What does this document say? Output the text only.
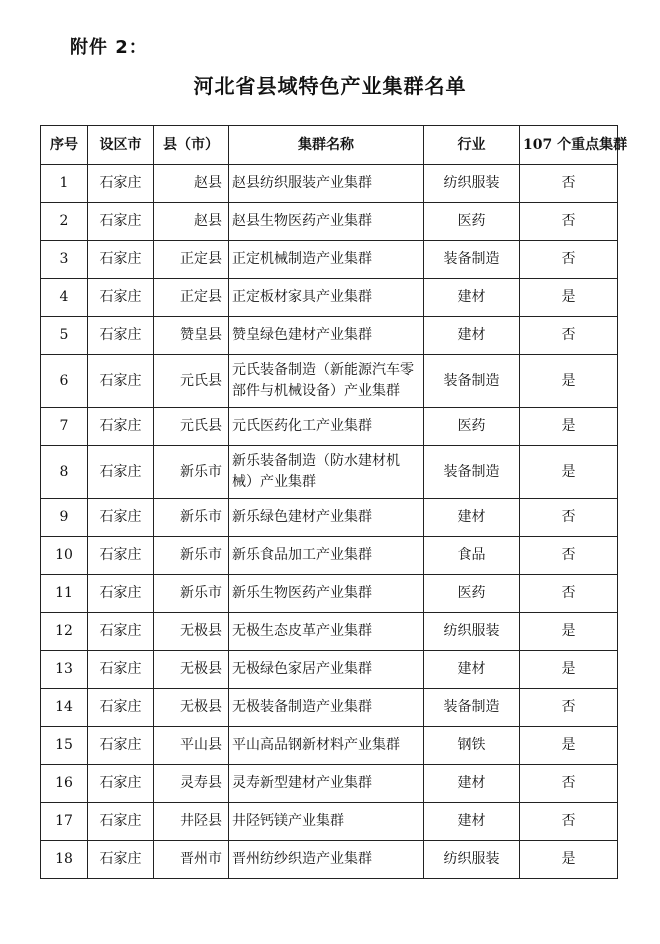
附件 2：
河北省县域特色产业集群名单
序号	设区市	县（市）	集群名称	行业	107 个重点集群
1	石家庄	赵县	赵县纺织服装产业集群	纺织服装	否
2	石家庄	赵县	赵县生物医药产业集群	医药	否
3	石家庄	正定县	正定机械制造产业集群	装备制造	否
4	石家庄	正定县	正定板材家具产业集群	建材	是
5	石家庄	赞皇县	赞皇绿色建材产业集群	建材	否
6	石家庄	元氏县	元氏装备制造（新能源汽车零部件与机械设备）产业集群	装备制造	是
7	石家庄	元氏县	元氏医药化工产业集群	医药	是
8	石家庄	新乐市	新乐装备制造（防水建材机械）产业集群	装备制造	是
9	石家庄	新乐市	新乐绿色建材产业集群	建材	否
10	石家庄	新乐市	新乐食品加工产业集群	食品	否
11	石家庄	新乐市	新乐生物医药产业集群	医药	否
12	石家庄	无极县	无极生态皮革产业集群	纺织服装	是
13	石家庄	无极县	无极绿色家居产业集群	建材	是
14	石家庄	无极县	无极装备制造产业集群	装备制造	否
15	石家庄	平山县	平山高品钢新材料产业集群	钢铁	是
16	石家庄	灵寿县	灵寿新型建材产业集群	建材	否
17	石家庄	井陉县	井陉钙镁产业集群	建材	否
18	石家庄	晋州市	晋州纺纱织造产业集群	纺织服装	是
